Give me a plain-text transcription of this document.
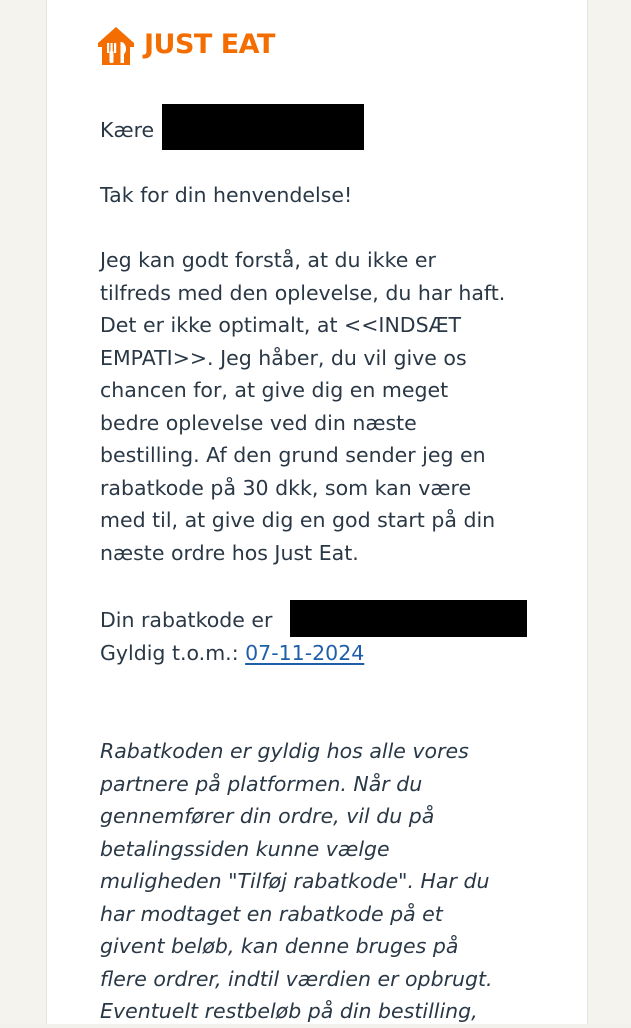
JUST EAT
Kære
Tak for din henvendelse!
Jeg kan godt forstå, at du ikke er
tilfreds med den oplevelse, du har haft.
Det er ikke optimalt, at <<INDSÆT
EMPATI>>. Jeg håber, du vil give os
chancen for, at give dig en meget
bedre oplevelse ved din næste
bestilling. Af den grund sender jeg en
rabatkode på 30 dkk, som kan være
med til, at give dig en god start på din
næste ordre hos Just Eat.
Din rabatkode er
Gyldig t.o.m.: 07-11-2024
Rabatkoden er gyldig hos alle vores
partnere på platformen. Når du
gennemfører din ordre, vil du på
betalingssiden kunne vælge
muligheden "Tilføj rabatkode". Har du
har modtaget en rabatkode på et
givent beløb, kan denne bruges på
flere ordrer, indtil værdien er opbrugt.
Eventuelt restbeløb på din bestilling,
